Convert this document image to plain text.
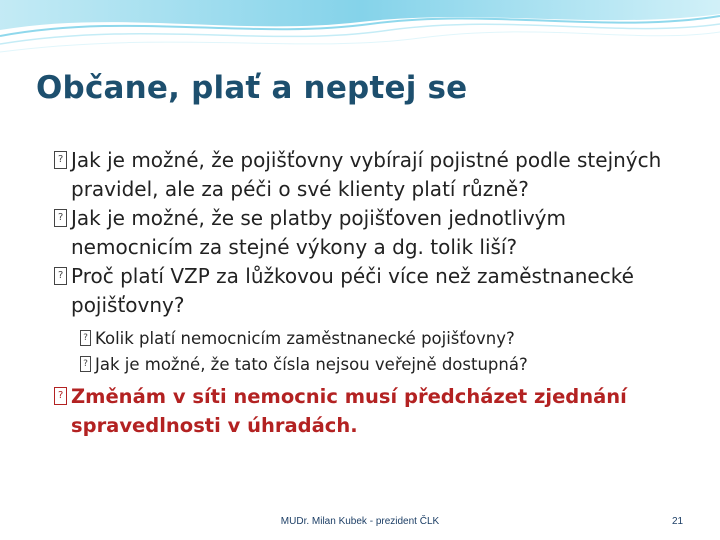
Občane, plať a neptej se
?
Jak je možné, že pojišťovny vybírají pojistné podle stejných pravidel, ale za péči o své klienty platí různě?
?
Jak je možné, že se platby pojišťoven jednotlivým nemocnicím za stejné výkony a dg. tolik liší?
?
Proč platí VZP za lůžkovou péči více než zaměstnanecké pojišťovny?
?
Kolik platí nemocnicím zaměstnanecké pojišťovny?
?
Jak je možné, že tato čísla nejsou veřejně dostupná?
?
Změnám v síti nemocnic musí předcházet zjednání spravedlnosti v úhradách.
MUDr. Milan Kubek - prezident ČLK	21
